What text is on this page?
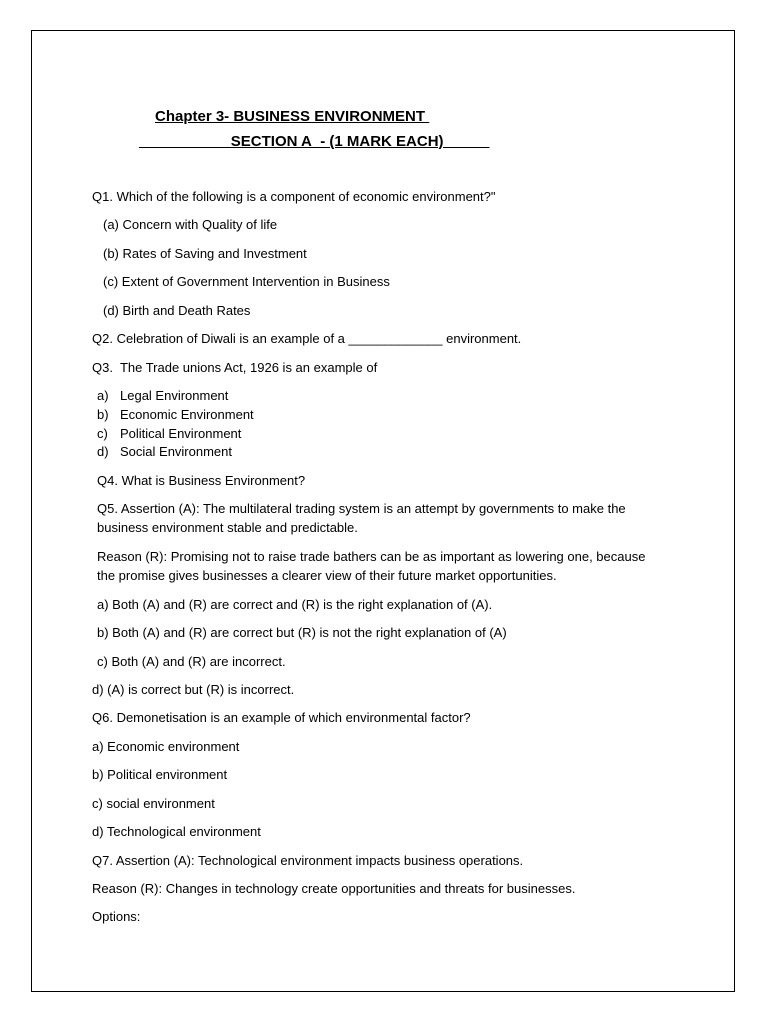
Chapter 3- BUSINESS ENVIRONMENT
___________SECTION A_- (1 MARK EACH) _____
Q1. Which of the following is a component of economic environment?"
(a) Concern with Quality of life
(b) Rates of Saving and Investment
(c) Extent of Government Intervention in Business
(d) Birth and Death Rates
Q2. Celebration of Diwali is an example of a _____________ environment.
Q3.  The Trade unions Act, 1926 is an example of
a) Legal Environment
b) Economic Environment
c) Political Environment
d) Social Environment
Q4. What is Business Environment?
Q5. Assertion (A): The multilateral trading system is an attempt by governments to make the business environment stable and predictable.
Reason (R): Promising not to raise trade bathers can be as important as lowering one, because the promise gives businesses a clearer view of their future market opportunities.
a) Both (A) and (R) are correct and (R) is the right explanation of (A).
b) Both (A) and (R) are correct but (R) is not the right explanation of (A)
c) Both (A) and (R) are incorrect.
d) (A) is correct but (R) is incorrect.
Q6. Demonetisation is an example of which environmental factor?
a) Economic environment
b) Political environment
c) social environment
d) Technological environment
Q7. Assertion (A): Technological environment impacts business operations.
Reason (R): Changes in technology create opportunities and threats for businesses.
Options:
